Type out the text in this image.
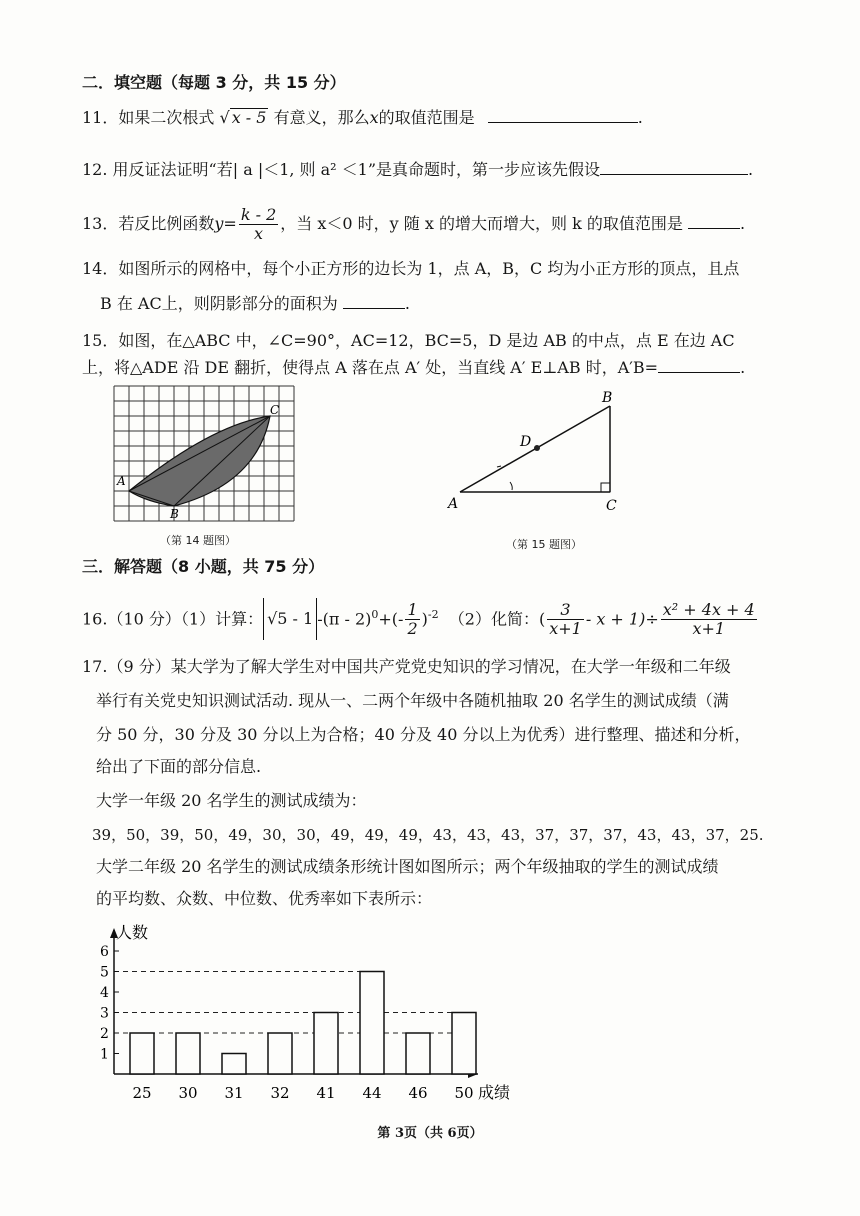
二．填空题（每题 3 分，共 15 分）
11．如果二次根式 √ x - 5 有意义，那么x的取值范围是	.
12. 用反证法证明“若| a |＜1, 则 a² ＜1”是真命题时，第一步应该先假设	.
13．若反比例函数$y= \frac{k - 2}{x}$ ，当 x＜0 时，y 随 x 的增大而增大，则 k 的取值范围是	.
14．如图所示的网格中，每个小正方形的边长为 1，点 A，B，C 均为小正方形的顶点，且点
B 在 AC上，则阴影部分的面积为	.
15．如图，在△ABC 中，∠C=90°，AC=12，BC=5，D 是边 AB 的中点，点 E 在边 AC
上，将△ADE 沿 DE 翻折，使得点 A 落在点 A′ 处，当直线 A′ E⊥AB 时，A′B=	.
A
B
C
（第 14 题图）
A
B
C
D
（第 15 题图）
三．解答题（8 小题，共 75 分）
16.（10 分）（1）计算： √5 - 1 $-(\pi - 2)^0+(- \frac{1}{2} )^{-2}$ （2）化简：( $\frac{3}{x+1} - x + 1)\div \frac{\text{x² + 4x + 4}}{x+1}$
17.（9 分）某大学为了解大学生对中国共产党党史知识的学习情况，在大学一年级和二年级
举行有关党史知识测试活动. 现从一、二两个年级中各随机抽取 20 名学生的测试成绩（满
分 50 分，30 分及 30 分以上为合格；40 分及 40 分以上为优秀）进行整理、描述和分析，
给出了下面的部分信息.
大学一年级 20 名学生的测试成绩为：
39，50，39，50，49，30，30，49，49，49，43，43，43，37，37，37，43，43，37，25.
大学二年级 20 名学生的测试成绩条形统计图如图所示；两个年级抽取的学生的测试成绩
的平均数、众数、中位数、优秀率如下表所示：
1
2
3
4
5
6
25 30 31 32 41 44 46 50
人数
成绩
第 3页（共 6页）
